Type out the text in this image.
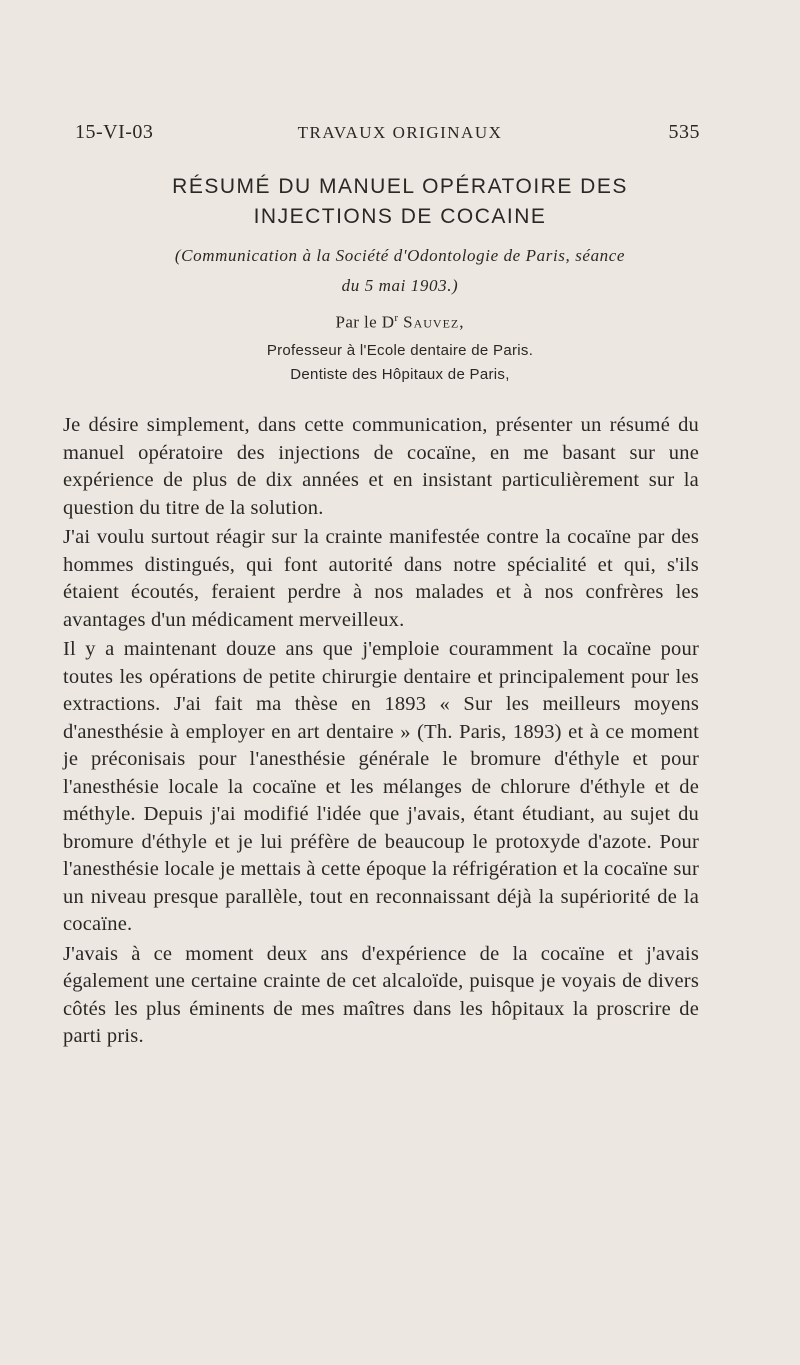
15-VI-03	TRAVAUX ORIGINAUX	535
RÉSUMÉ DU MANUEL OPÉRATOIRE DES
INJECTIONS DE COCAINE
(Communication à la Société d'Odontologie de Paris, séance
du 5 mai 1903.)
Par le $D^r$ Sauvez,
Professeur à l'Ecole dentaire de Paris.
Dentiste des Hôpitaux de Paris,

Je désire simplement, dans cette communication, présenter un résumé du manuel opératoire des injections de cocaïne, en me basant sur une expérience de plus de dix années et en insistant particulièrement sur la question du titre de la solution.

J'ai voulu surtout réagir sur la crainte manifestée contre la cocaïne par des hommes distingués, qui font autorité dans notre spécialité et qui, s'ils étaient écoutés, feraient perdre à nos malades et à nos confrères les avantages d'un médicament merveilleux.

Il y a maintenant douze ans que j'emploie couramment la cocaïne pour toutes les opérations de petite chirurgie dentaire et principalement pour les extractions. J'ai fait ma thèse en 1893 « Sur les meilleurs moyens d'anesthésie à employer en art dentaire » (Th. Paris, 1893) et à ce moment je préconisais pour l'anesthésie générale le bromure d'éthyle et pour l'anesthésie locale la cocaïne et les mélanges de chlorure d'éthyle et de méthyle. Depuis j'ai modifié l'idée que j'avais, étant étudiant, au sujet du bromure d'éthyle et je lui préfère de beaucoup le protoxyde d'azote. Pour l'anesthésie locale je mettais à cette époque la réfrigération et la cocaïne sur un niveau presque parallèle, tout en reconnaissant déjà la supériorité de la cocaïne.

J'avais à ce moment deux ans d'expérience de la cocaïne et j'avais également une certaine crainte de cet alcaloïde, puisque je voyais de divers côtés les plus éminents de mes maîtres dans les hôpitaux la proscrire de parti pris.
